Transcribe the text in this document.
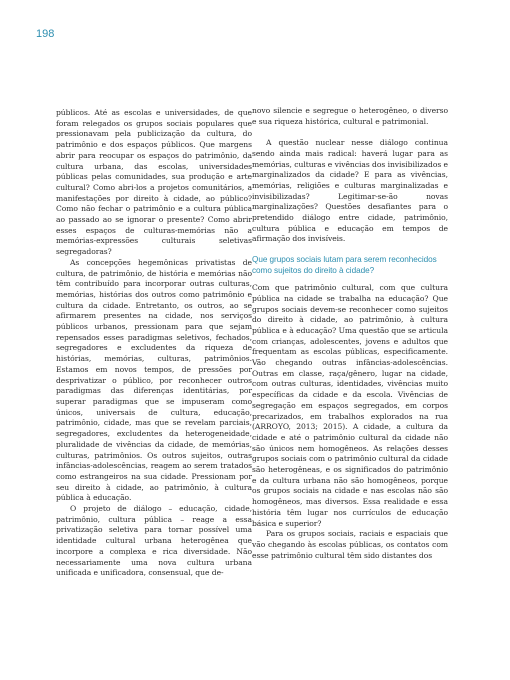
198

públicos. Até as escolas e universidades, de que foram relegados os grupos sociais populares que pressionavam pela publicização da cultura, do patrimônio e dos espaços públicos. Que margens abrir para reocupar os espaços do patrimônio, da cultura urbana, das escolas, universidades públicas pelas comunidades, sua produção e arte cultural? Como abri-los a projetos comunitários, a manifestações por direito à cidade, ao público? Como não fechar o patrimônio e a cultura pública ao passado ao se ignorar o presente? Como abrir esses espaços de culturas-memórias não a memórias-expressões culturais seletivas segregadoras?

As concepções hegemônicas privatistas de cultura, de patrimônio, de história e memórias não têm contribuído para incorporar outras culturas, memórias, histórias dos outros como patrimônio e cultura da cidade. Entretanto, os outros, ao se afirmarem presentes na cidade, nos serviços públicos urbanos, pressionam para que sejam repensados esses paradigmas seletivos, fechados, segregadores e excludentes da riqueza de histórias, memórias, culturas, patrimônios. Estamos em novos tempos, de pressões por desprivatizar o público, por reconhecer outros paradigmas das diferenças identitárias, por superar paradigmas que se impuseram como únicos, universais de cultura, educação, patrimônio, cidade, mas que se revelam parciais, segregadores, excludentes da heterogeneidade, pluralidade de vivências da cidade, de memórias, culturas, patrimônios. Os outros sujeitos, outras infâncias-adolescências, reagem ao serem tratados como estrangeiros na sua cidade. Pressionam por seu direito à cidade, ao patrimônio, à cultura pública à educação.

O projeto de diálogo – educação, cidade, patrimônio, cultura pública – reage a essa privatização seletiva para tornar possível uma identidade cultural urbana heterogênea que incorpore a complexa e rica diversidade. Não necessariamente uma nova cultura urbana unificada e unificadora, consensual, que de-

novo silencie e segregue o heterogêneo, o diverso e sua riqueza histórica, cultural e patrimonial.

A questão nuclear nesse diálogo continua sendo ainda mais radical: haverá lugar para as memórias, culturas e vivências dos invisibilizados e marginalizados da cidade? E para as vivências, memórias, religiões e culturas marginalizadas e invisibilizadas? Legitimar-se-ão novas marginalizações? Questões desafiantes para o pretendido diálogo entre cidade, patrimônio, cultura pública e educação em tempos de afirmação dos invisíveis.

Que grupos sociais lutam para serem reconhecidos como sujeitos do direito à cidade?

Com que patrimônio cultural, com que cultura pública na cidade se trabalha na educação? Que grupos sociais devem-se reconhecer como sujeitos do direito à cidade, ao patrimônio, à cultura pública e à educação? Uma questão que se articula com crianças, adolescentes, jovens e adultos que frequentam as escolas públicas, especificamente. Vão chegando outras infâncias-adolescências. Outras em classe, raça/gênero, lugar na cidade, com outras culturas, identidades, vivências muito específicas da cidade e da escola. Vivências de segregação em espaços segregados, em corpos precarizados, em trabalhos explorados na rua (ARROYO, 2013; 2015). A cidade, a cultura da cidade e até o patrimônio cultural da cidade não são únicos nem homogêneos. As relações desses grupos sociais com o patrimônio cultural da cidade são heterogêneas, e os significados do patrimônio e da cultura urbana não são homogêneos, porque os grupos sociais na cidade e nas escolas não são homogêneos, mas diversos. Essa realidade e essa história têm lugar nos currículos de educação básica e superior?

Para os grupos sociais, raciais e espaciais que vão chegando às escolas públicas, os contatos com esse patrimônio cultural têm sido distantes dos
